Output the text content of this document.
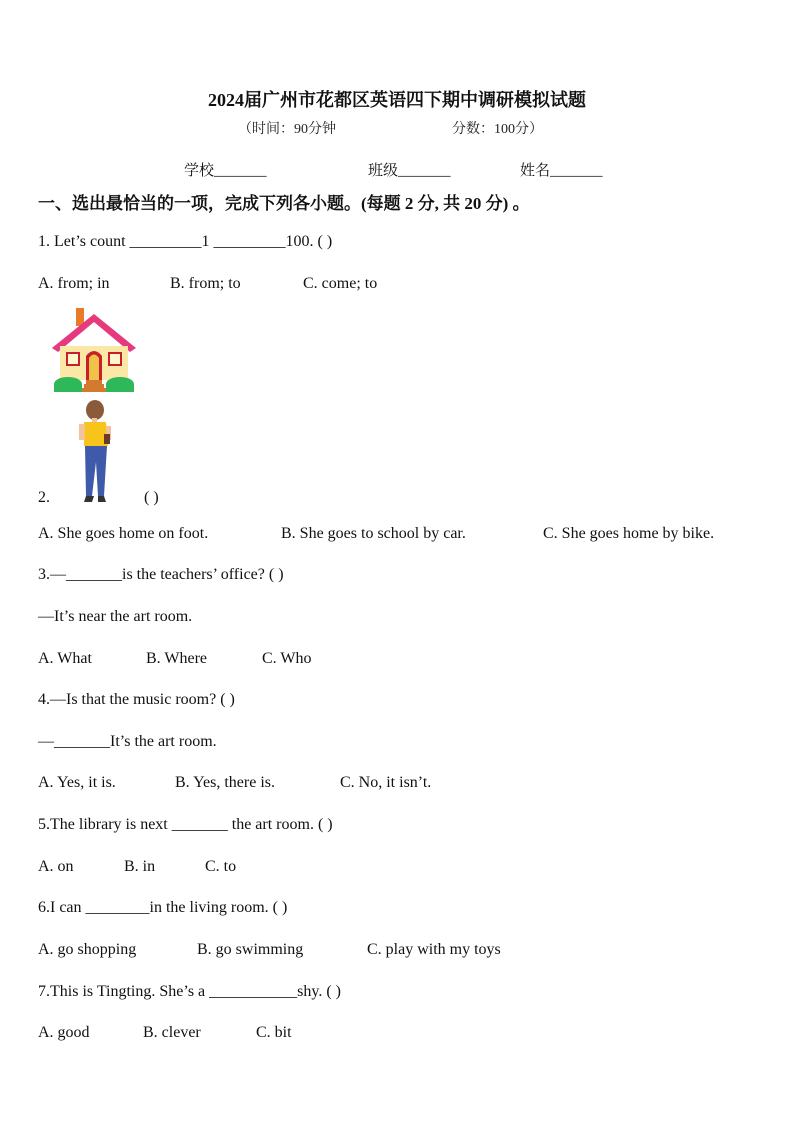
2024届广州市花都区英语四下期中调研模拟试题
（时间：90分钟	分数：100分）
学校_______	班级_______	姓名_______
一、选出最恰当的一项，完成下列各小题。(每题 2 分, 共 20 分) 。
1. Let’s count _________1 _________100. ( )
A. from; in	B. from; to	C. come; to
2.	( )
A. She goes home on foot.	B. She goes to school by car.	C. She goes home by bike.
3.—_______is the teachers’ office? ( )
—It’s near the art room.
A. What	B. Where	C. Who
4.—Is that the music room? ( )
—_______It’s the art room.
A. Yes, it is.	B. Yes, there is.	C. No, it isn’t.
5.The library is next _______ the art room. ( )
A. on	B. in	C. to
6.I can ________in the living room. ( )
A. go shopping	B. go swimming	C. play with my toys
7.This is Tingting. She’s a ___________shy. ( )
A. good	B. clever	C. bit
